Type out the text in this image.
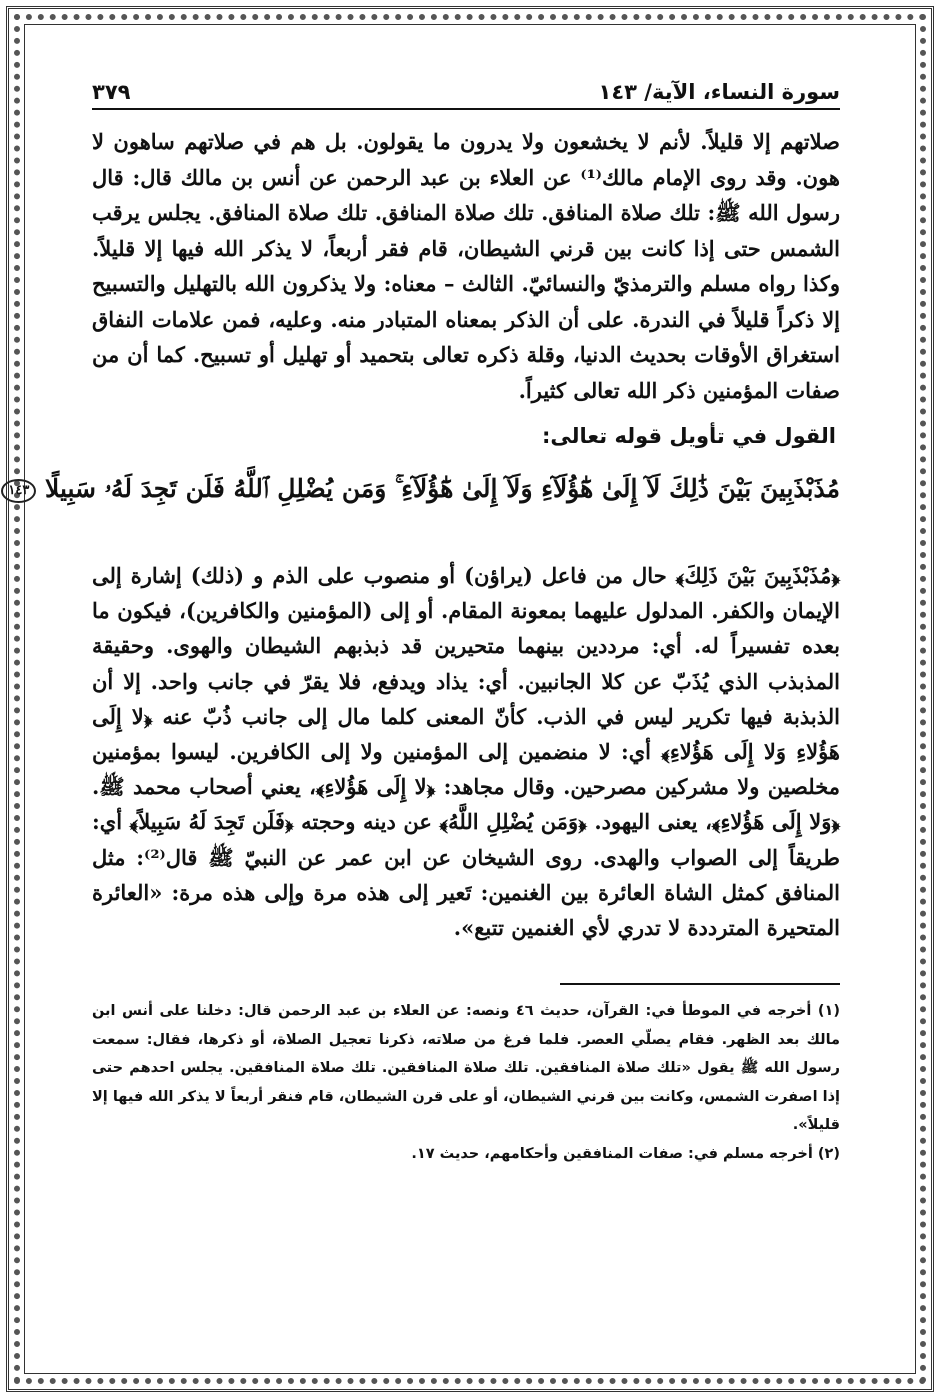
سورة النساء، الآية/ ١٤٣
٣٧٩

صلاتهم إلا قليلاً. لأنم لا يخشعون ولا يدرون ما يقولون. بل هم في صلاتهم ساهون لا هون. وقد روى الإمام مالك⁽¹⁾ عن العلاء بن عبد الرحمن عن أنس بن مالك قال: قال رسول الله ﷺ: تلك صلاة المنافق. تلك صلاة المنافق. تلك صلاة المنافق. يجلس يرقب الشمس حتى إذا كانت بين قرني الشيطان، قام فقر أربعاً، لا يذكر الله فيها إلا قليلاً. وكذا رواه مسلم والترمذيّ والنسائيّ. الثالث – معناه: ولا يذكرون الله بالتهليل والتسبيح إلا ذكراً قليلاً في الندرة. على أن الذكر بمعناه المتبادر منه. وعليه، فمن علامات النفاق استغراق الأوقات بحديث الدنيا، وقلة ذكره تعالى بتحميد أو تهليل أو تسبيح. كما أن من صفات المؤمنين ذكر الله تعالى كثيراً.

القول في تأويل قوله تعالى:
مُذَبْذَبِينَ بَيْنَ ذَٰلِكَ لَآ إِلَىٰ هَٰٓؤُلَآءِ وَلَآ إِلَىٰ هَٰٓؤُلَآءِ ۚ وَمَن يُضْلِلِ ٱللَّهُ فَلَن تَجِدَ لَهُۥ سَبِيلًا ١٤٣

﴿مُذَبْذَبِينَ بَيْنَ ذَلِكَ﴾ حال من فاعل (يراؤن) أو منصوب على الذم و (ذلك) إشارة إلى الإيمان والكفر. المدلول عليهما بمعونة المقام. أو إلى (المؤمنين والكافرين)، فيكون ما بعده تفسيراً له. أي: مرددين بينهما متحيرين قد ذبذبهم الشيطان والهوى. وحقيقة المذبذب الذي يُذَبّ عن كلا الجانبين. أي: يذاد ويدفع، فلا يقرّ في جانب واحد. إلا أن الذبذبة فيها تكرير ليس في الذب. كأنّ المعنى كلما مال إلى جانب ذُبّ عنه ﴿لا إِلَى هَؤُلاءِ وَلا إِلَى هَؤُلاءِ﴾ أي: لا منضمين إلى المؤمنين ولا إلى الكافرين. ليسوا بمؤمنين مخلصين ولا مشركين مصرحين. وقال مجاهد: ﴿لا إِلَى هَؤُلاءِ﴾، يعني أصحاب محمد ﷺ. ﴿وَلا إِلَى هَؤُلاءِ﴾، يعنى اليهود. ﴿وَمَن يُضْلِلِ اللَّهُ﴾ عن دينه وحجته ﴿فَلَن تَجِدَ لَهُ سَبِيلاً﴾ أي: طريقاً إلى الصواب والهدى. روى الشيخان عن ابن عمر عن النبيّ ﷺ قال⁽²⁾: مثل المنافق كمثل الشاة العائرة بين الغنمين: تَعير إلى هذه مرة وإلى هذه مرة: «العائرة المتحيرة المترددة لا تدري لأي الغنمين تتبع».

(١) أخرجه في الموطأ في: القرآن، حديث ٤٦ ونصه: عن العلاء بن عبد الرحمن قال: دخلنا على أنس ابن مالك بعد الظهر. فقام يصلّي العصر. فلما فرغ من صلاته، ذكرنا تعجيل الصلاة، أو ذكرها، فقال: سمعت رسول الله ﷺ يقول «تلك صلاة المنافقين. تلك صلاة المنافقين. تلك صلاة المنافقين. يجلس احدهم حتى إذا اصفرت الشمس، وكانت بين قرني الشيطان، أو على قرن الشيطان، قام فنقر أربعاً لا يذكر الله فيها إلا قليلاً».

(٢) أخرجه مسلم في: صفات المنافقين وأحكامهم، حديث ١٧.
